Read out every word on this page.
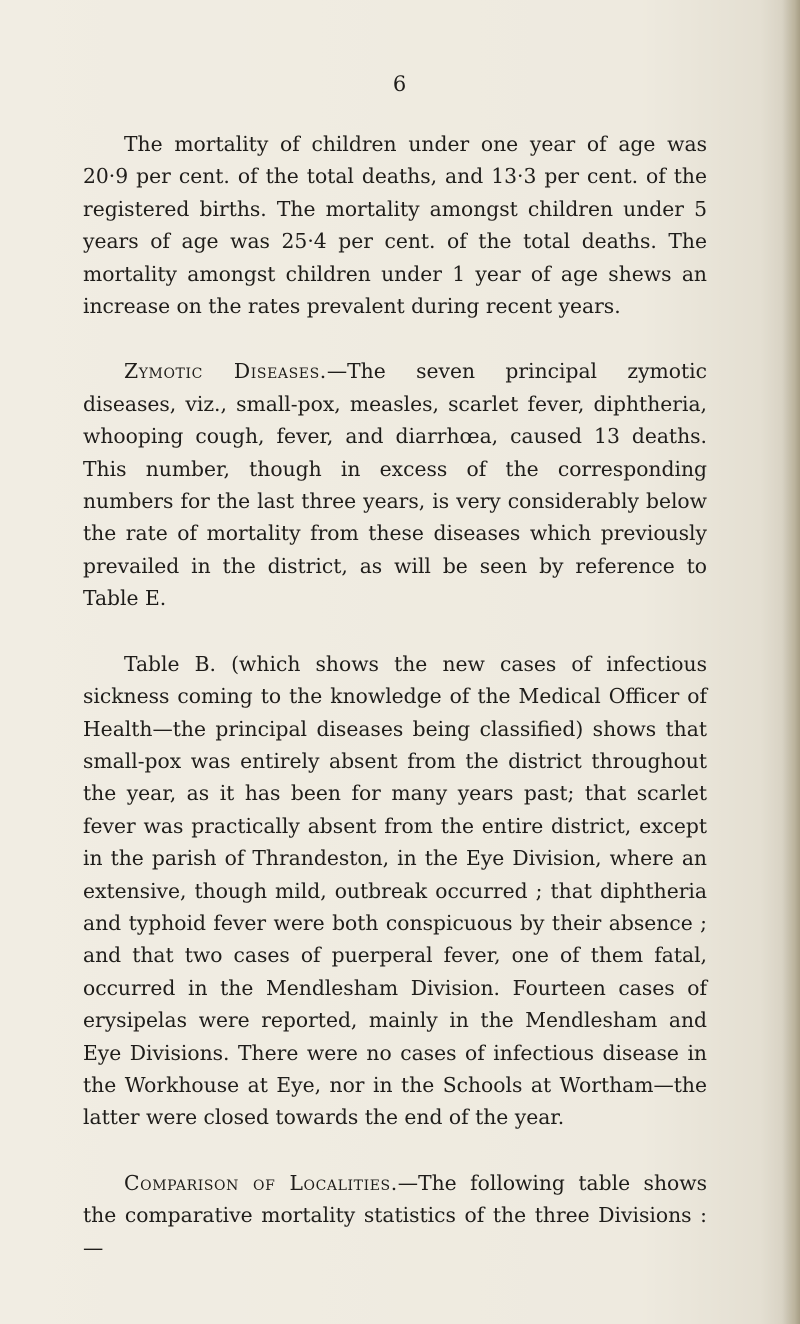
6

The mortality of children under one year of age was 20·9 per cent. of the total deaths, and 13·3 per cent. of the registered births. The mortality amongst children under 5 years of age was 25·4 per cent. of the total deaths. The mortality amongst children under 1 year of age shews an increase on the rates prevalent during recent years.

Zymotic Diseases.—The seven principal zymotic diseases, viz., small-pox, measles, scarlet fever, diphtheria, whooping cough, fever, and diarrhœa, caused 13 deaths. This number, though in excess of the corresponding numbers for the last three years, is very considerably below the rate of mortality from these diseases which previously prevailed in the district, as will be seen by reference to Table E.

Table B. (which shows the new cases of infectious sickness coming to the knowledge of the Medical Officer of Health—the principal diseases being classified) shows that small-pox was entirely absent from the district throughout the year, as it has been for many years past; that scarlet fever was practically absent from the entire district, except in the parish of Thrandeston, in the Eye Division, where an extensive, though mild, outbreak occurred ; that diphtheria and typhoid fever were both conspicuous by their absence ; and that two cases of puerperal fever, one of them fatal, occurred in the Mendlesham Division. Fourteen cases of erysipelas were reported, mainly in the Mendlesham and Eye Divisions. There were no cases of infectious disease in the Workhouse at Eye, nor in the Schools at Wortham—the latter were closed towards the end of the year.

Comparison of Localities.—The following table shows the comparative mortality statistics of the three Divisions :—
